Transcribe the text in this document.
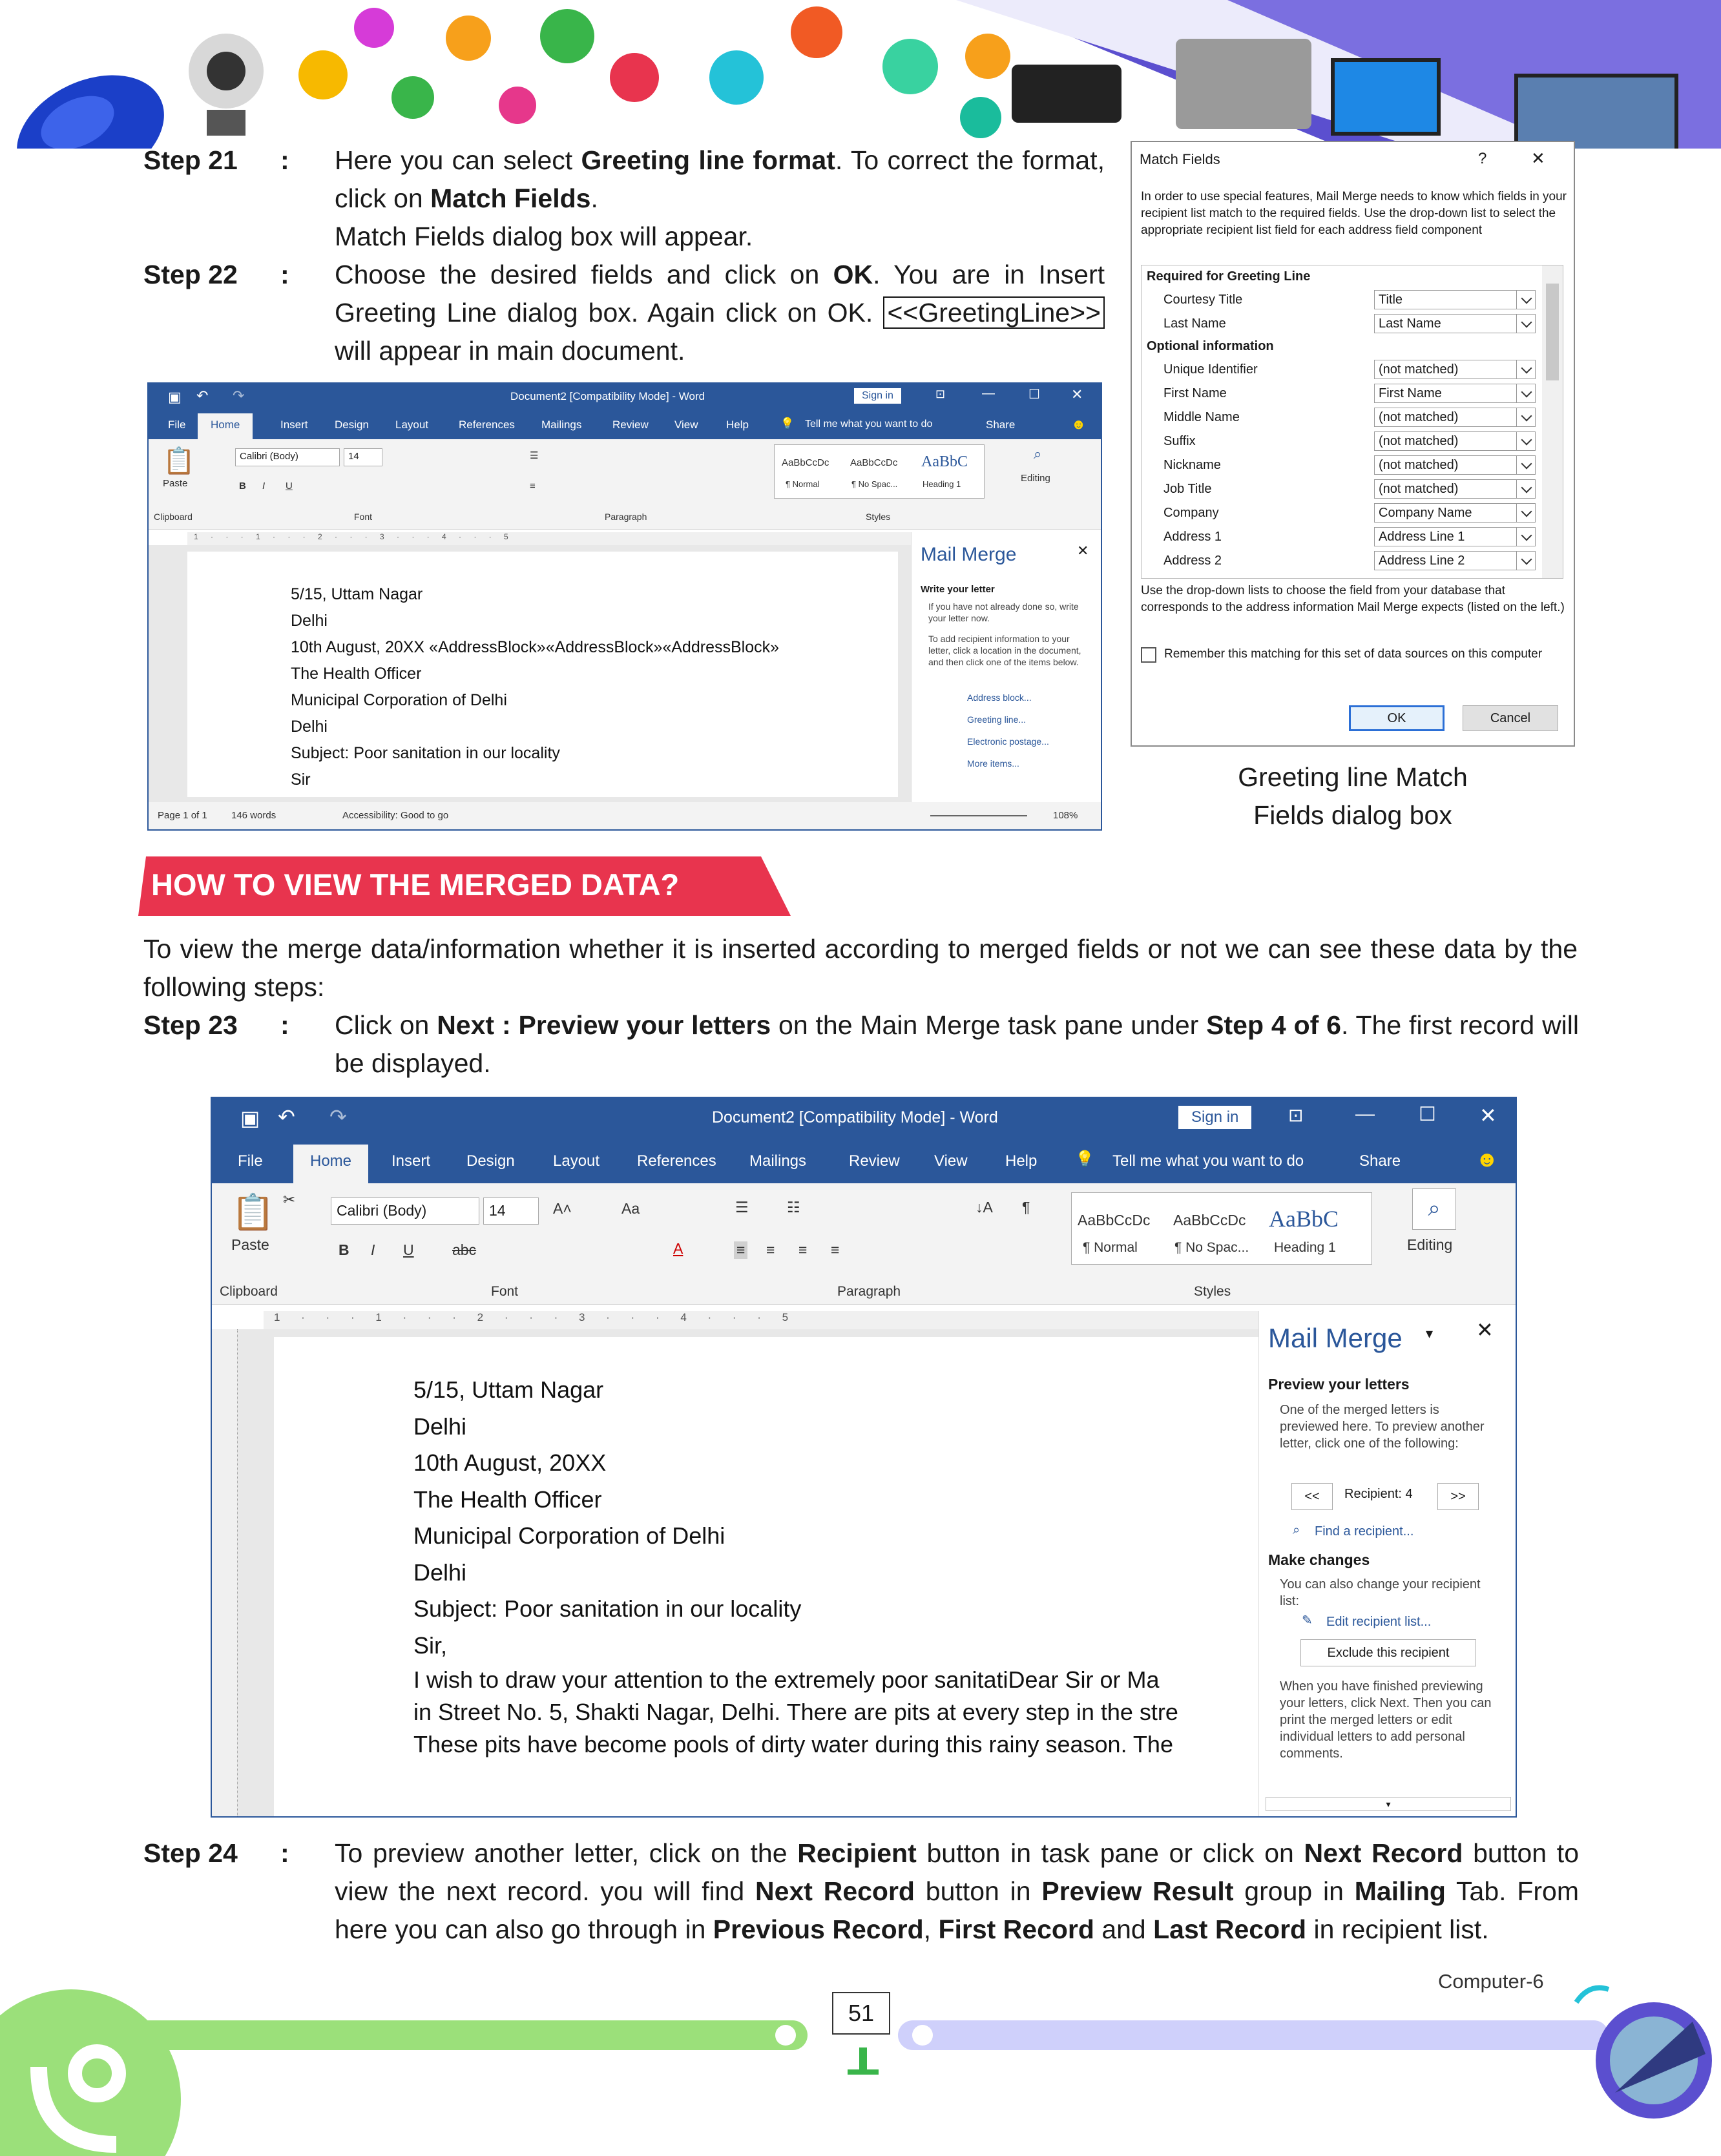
Step 21 : Here you can select Greeting line format. To correct the format, click on Match Fields.
Match Fields dialog box will appear.
Step 22 : Choose the desired fields and click on OK. You are in Insert Greeting Line dialog box. Again click on OK. <<GreetingLine>> will appear in main document.
▣ ↶ ↷	Document2 [Compatibility Mode] - Word	Sign in	⊡	—	☐ ✕
File	Home	Insert Design Layout	References Mailings	Review View	Help	💡 Tell me what you want to do	Share	☻
📋
Paste
Calibri (Body)	14
B I U
☰
≡
AaBbCcDc
¶ Normal
AaBbCcDc
¶ No Spac...
AaBbC
Heading 1
⌕
Editing
Clipboard	Font	Paragraph	Styles
1 · · · 1 · · · 2 · · · 3 · · · 4 · · · 5
5/15, Uttam Nagar
Delhi
10th August, 20XX «AddressBlock»«AddressBlock»«AddressBlock»
The Health Officer
Municipal Corporation of Delhi
Delhi
Subject: Poor sanitation in our locality
Sir
Mail Merge	✕
Write your letter
If you have not already done so, write your letter now.
To add recipient information to your letter, click a location in the document, and then click one of the items below.
Address block...
Greeting line...
Electronic postage...
More items...
Page 1 of 1 146 words	Accessibility: Good to go	108%
Match Fields	?	✕
In order to use special features, Mail Merge needs to know which fields in your recipient list match to the required fields. Use the drop-down list to select the appropriate recipient list field for each address field component
Required for Greeting Line
Courtesy Title	Title
Last Name	Last Name
Optional information
Unique Identifier	(not matched)
First Name	First Name
Middle Name	(not matched)
Suffix	(not matched)
Nickname	(not matched)
Job Title	(not matched)
Company	Company Name
Address 1	Address Line 1
Address 2	Address Line 2
Use the drop-down lists to choose the field from your database that corresponds to the address information Mail Merge expects (listed on the left.)
Remember this matching for this set of data sources on this computer
OK	Cancel
Greeting line Match
Fields dialog box
HOW TO VIEW THE MERGED DATA?
To view the merge data/information whether it is inserted according to merged fields or not we can see these data by the following steps:
Step 23 : Click on Next : Preview your letters on the Main Merge task pane under Step 4 of 6. The first record will be displayed.
▣ ↶ ↷	Document2 [Compatibility Mode] - Word	Sign in	⊡	— ☐ ✕
File	Home	Insert Design Layout References Mailings	Review View Help 💡 Tell me what you want to do	Share	☻
📋
Paste
✂
Calibri (Body)	14	A˄	Aa
B I U	abc	A
☰	☷	↓A ¶
≡ ≡ ≡ ≡
AaBbCcDc
¶ Normal
AaBbCcDc
¶ No Spac...
AaBbC
Heading 1
⌕
Editing
Clipboard	Font	Paragraph	Styles
1 · · · 1 · · · 2 · · · 3 · · · 4 · · · 5
5/15, Uttam Nagar
Delhi
10th August, 20XX
The Health Officer
Municipal Corporation of Delhi
Delhi
Subject: Poor sanitation in our locality
Sir,
I wish to draw your attention to the extremely poor sanitatiDear Sir or Ma
in Street No. 5, Shakti Nagar, Delhi. There are pits at every step in the stre
These pits have become pools of dirty water during this rainy season. The
Mail Merge ▾ ✕
Preview your letters
One of the merged letters is previewed here. To preview another letter, click one of the following:
<<	Recipient: 4	>>
⌕ Find a recipient...
Make changes
You can also change your recipient list:
✎ Edit recipient list...
Exclude this recipient
When you have finished previewing your letters, click Next. Then you can print the merged letters or edit individual letters to add personal comments.
▾
Step 24 : To preview another letter, click on the Recipient button in task pane or click on Next Record button to view the next record. you will find Next Record button in Preview Result group in Mailing Tab. From here you can also go through in Previous Record, First Record and Last Record in recipient list.
51
Computer-6
